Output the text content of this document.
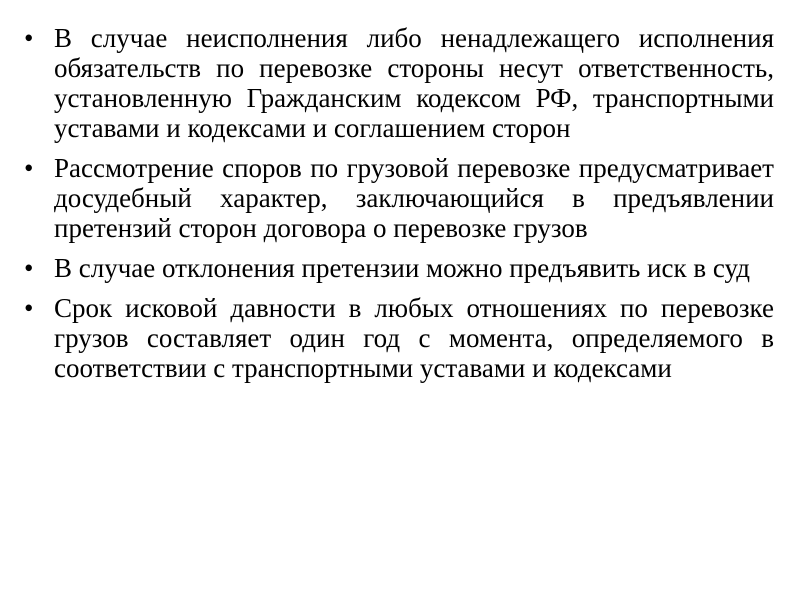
• В случае неисполнения либо ненадлежащего исполнения обязательств по перевозке стороны несут ответственность, установленную Гражданским кодексом РФ, транспортными уставами и кодексами и соглашением сторон
• Рассмотрение споров по грузовой перевозке предусматривает досудебный характер, заключающийся в предъявлении претензий сторон договора о перевозке грузов
• В случае отклонения претензии можно предъявить иск в суд
• Срок исковой давности в любых отношениях по перевозке грузов составляет один год с момента, определяемого в соответствии с транспортными уставами и кодексами
